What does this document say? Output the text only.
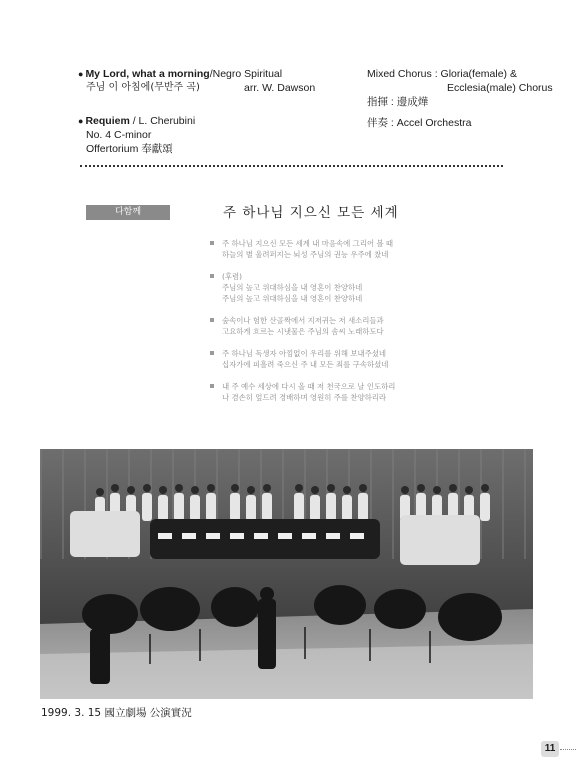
● My Lord, what a morning/Negro Spiritual
주님 이 아침에(무반주 곡)	arr. W. Dawson
● Requiem / L. Cherubini
No. 4 C-minor
Offertorium 奉獻頌
Mixed Chorus : Gloria(female) &
Ecclesia(male) Chorus
指揮 : 邊成燁
伴奏 : Accel Orchestra
다함께	주 하나님 지으신 모든 세계
주 하나님 지으신 모든 세계 내 마음속에 그리어 볼 때
하늘의 별 울려퍼지는 뇌성 주님의 권능 우주에 찼네
(후렴)
주님의 높고 위대하심을 내 영혼이 찬양하네
주님의 높고 위대하심을 내 영혼이 찬양하네
숲속이나 험한 산골짝에서 지저귀는 저 새소리들과
고요하게 흐르는 시냇물은 주님의 솜씨 노래하도다
주 하나님 독생자 아낌없이 우리를 위해 보내주셨네
십자가에 피흘려 죽으신 주 내 모든 죄를 구속하셨네
내 주 예수 세상에 다시 올 때 저 천국으로 날 인도하리
나 겸손히 엎드려 경배하며 영원히 주를 찬양하리라
1999. 3. 15 國立劇場 公演實況
11
